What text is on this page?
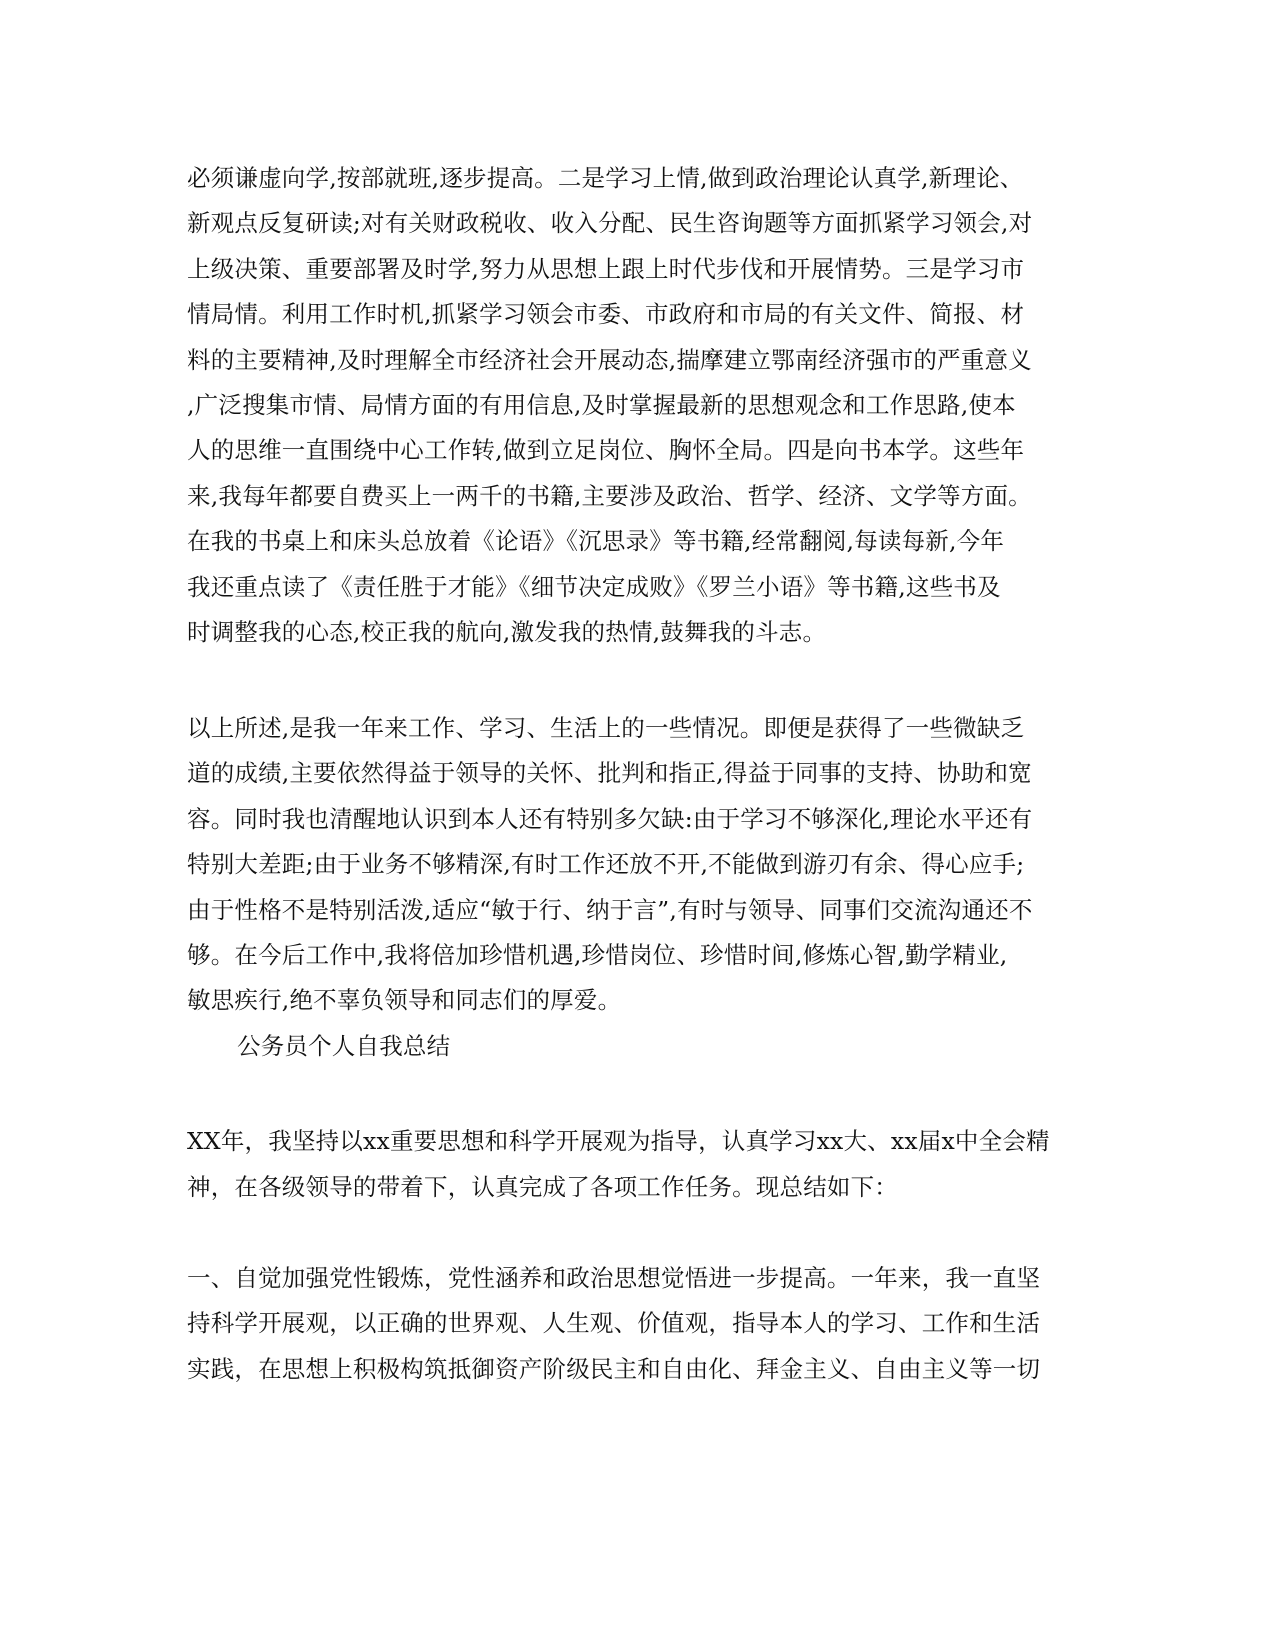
必须谦虚向学,按部就班,逐步提高。二是学习上情,做到政治理论认真学,新理论、
新观点反复研读;对有关财政税收、收入分配、民生咨询题等方面抓紧学习领会,对
上级决策、重要部署及时学,努力从思想上跟上时代步伐和开展情势。三是学习市
情局情。利用工作时机,抓紧学习领会市委、市政府和市局的有关文件、简报、材
料的主要精神,及时理解全市经济社会开展动态,揣摩建立鄂南经济强市的严重意义
,广泛搜集市情、局情方面的有用信息,及时掌握最新的思想观念和工作思路,使本
人的思维一直围绕中心工作转,做到立足岗位、胸怀全局。四是向书本学。这些年
来,我每年都要自费买上一两千的书籍,主要涉及政治、哲学、经济、文学等方面。
在我的书桌上和床头总放着《论语》《沉思录》等书籍,经常翻阅,每读每新,今年
我还重点读了《责任胜于才能》《细节决定成败》《罗兰小语》等书籍,这些书及
时调整我的心态,校正我的航向,激发我的热情,鼓舞我的斗志。
以上所述,是我一年来工作、学习、生活上的一些情况。即便是获得了一些微缺乏
道的成绩,主要依然得益于领导的关怀、批判和指正,得益于同事的支持、协助和宽
容。同时我也清醒地认识到本人还有特别多欠缺:由于学习不够深化,理论水平还有
特别大差距;由于业务不够精深,有时工作还放不开,不能做到游刃有余、得心应手;
由于性格不是特别活泼,适应“敏于行、纳于言”,有时与领导、同事们交流沟通还不
够。在今后工作中,我将倍加珍惜机遇,珍惜岗位、珍惜时间,修炼心智,勤学精业,
敏思疾行,绝不辜负领导和同志们的厚爱。
公务员个人自我总结
XX年，我坚持以xx重要思想和科学开展观为指导，认真学习xx大、xx届x中全会精
神，在各级领导的带着下，认真完成了各项工作任务。现总结如下：
一、自觉加强党性锻炼，党性涵养和政治思想觉悟进一步提高。一年来，我一直坚
持科学开展观，以正确的世界观、人生观、价值观，指导本人的学习、工作和生活
实践，在思想上积极构筑抵御资产阶级民主和自由化、拜金主义、自由主义等一切
